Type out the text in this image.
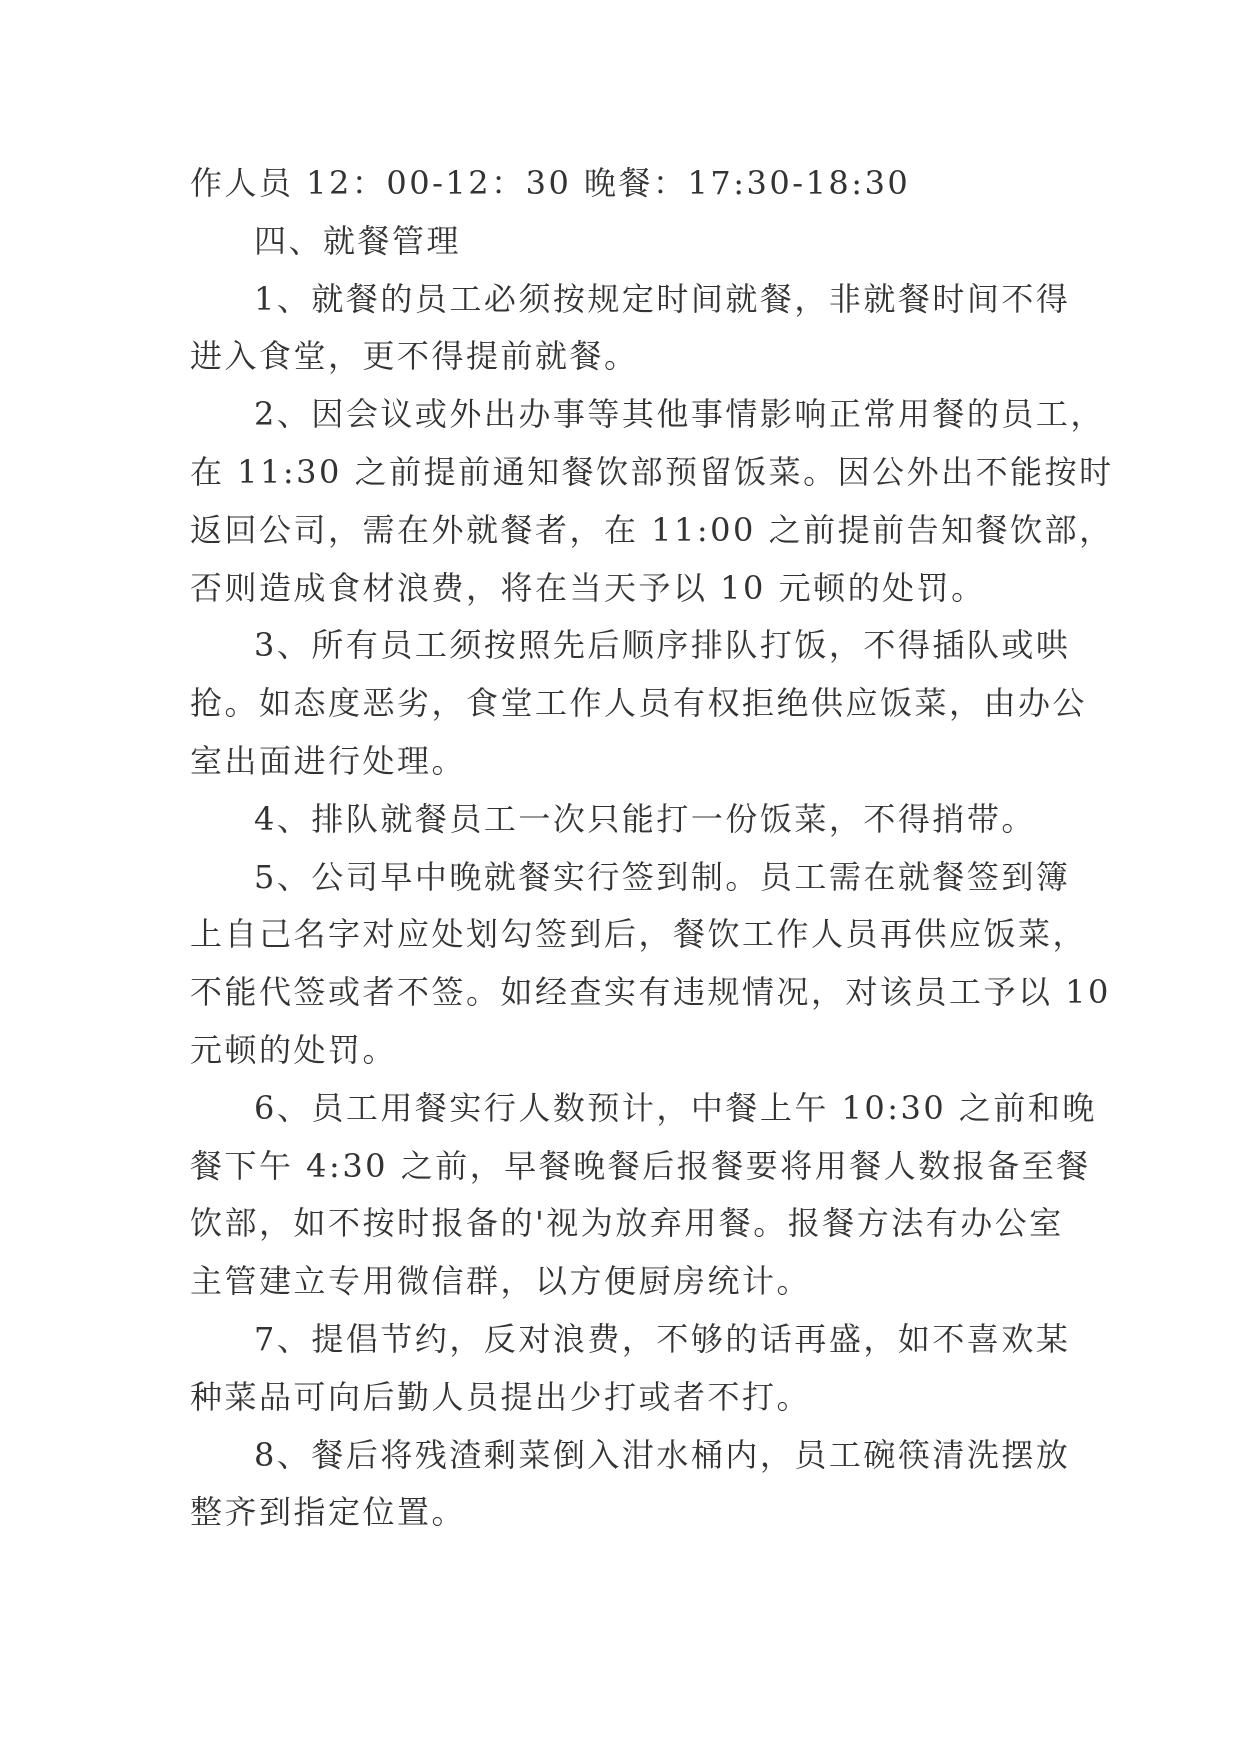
作人员 12：00-12：30 晚餐：17:30-18:30
四、就餐管理
1、就餐的员工必须按规定时间就餐，非就餐时间不得
进入食堂，更不得提前就餐。
2、因会议或外出办事等其他事情影响正常用餐的员工，
在 11:30 之前提前通知餐饮部预留饭菜。因公外出不能按时
返回公司，需在外就餐者，在 11:00 之前提前告知餐饮部，
否则造成食材浪费，将在当天予以 10 元顿的处罚。
3、所有员工须按照先后顺序排队打饭，不得插队或哄
抢。如态度恶劣，食堂工作人员有权拒绝供应饭菜，由办公
室出面进行处理。
4、排队就餐员工一次只能打一份饭菜，不得捎带。
5、公司早中晚就餐实行签到制。员工需在就餐签到簿
上自己名字对应处划勾签到后，餐饮工作人员再供应饭菜，
不能代签或者不签。如经查实有违规情况，对该员工予以 10
元顿的处罚。
6、员工用餐实行人数预计，中餐上午 10:30 之前和晚
餐下午 4:30 之前，早餐晚餐后报餐要将用餐人数报备至餐
饮部，如不按时报备的'视为放弃用餐。报餐方法有办公室
主管建立专用微信群，以方便厨房统计。
7、提倡节约，反对浪费，不够的话再盛，如不喜欢某
种菜品可向后勤人员提出少打或者不打。
8、餐后将残渣剩菜倒入泔水桶内，员工碗筷清洗摆放
整齐到指定位置。
